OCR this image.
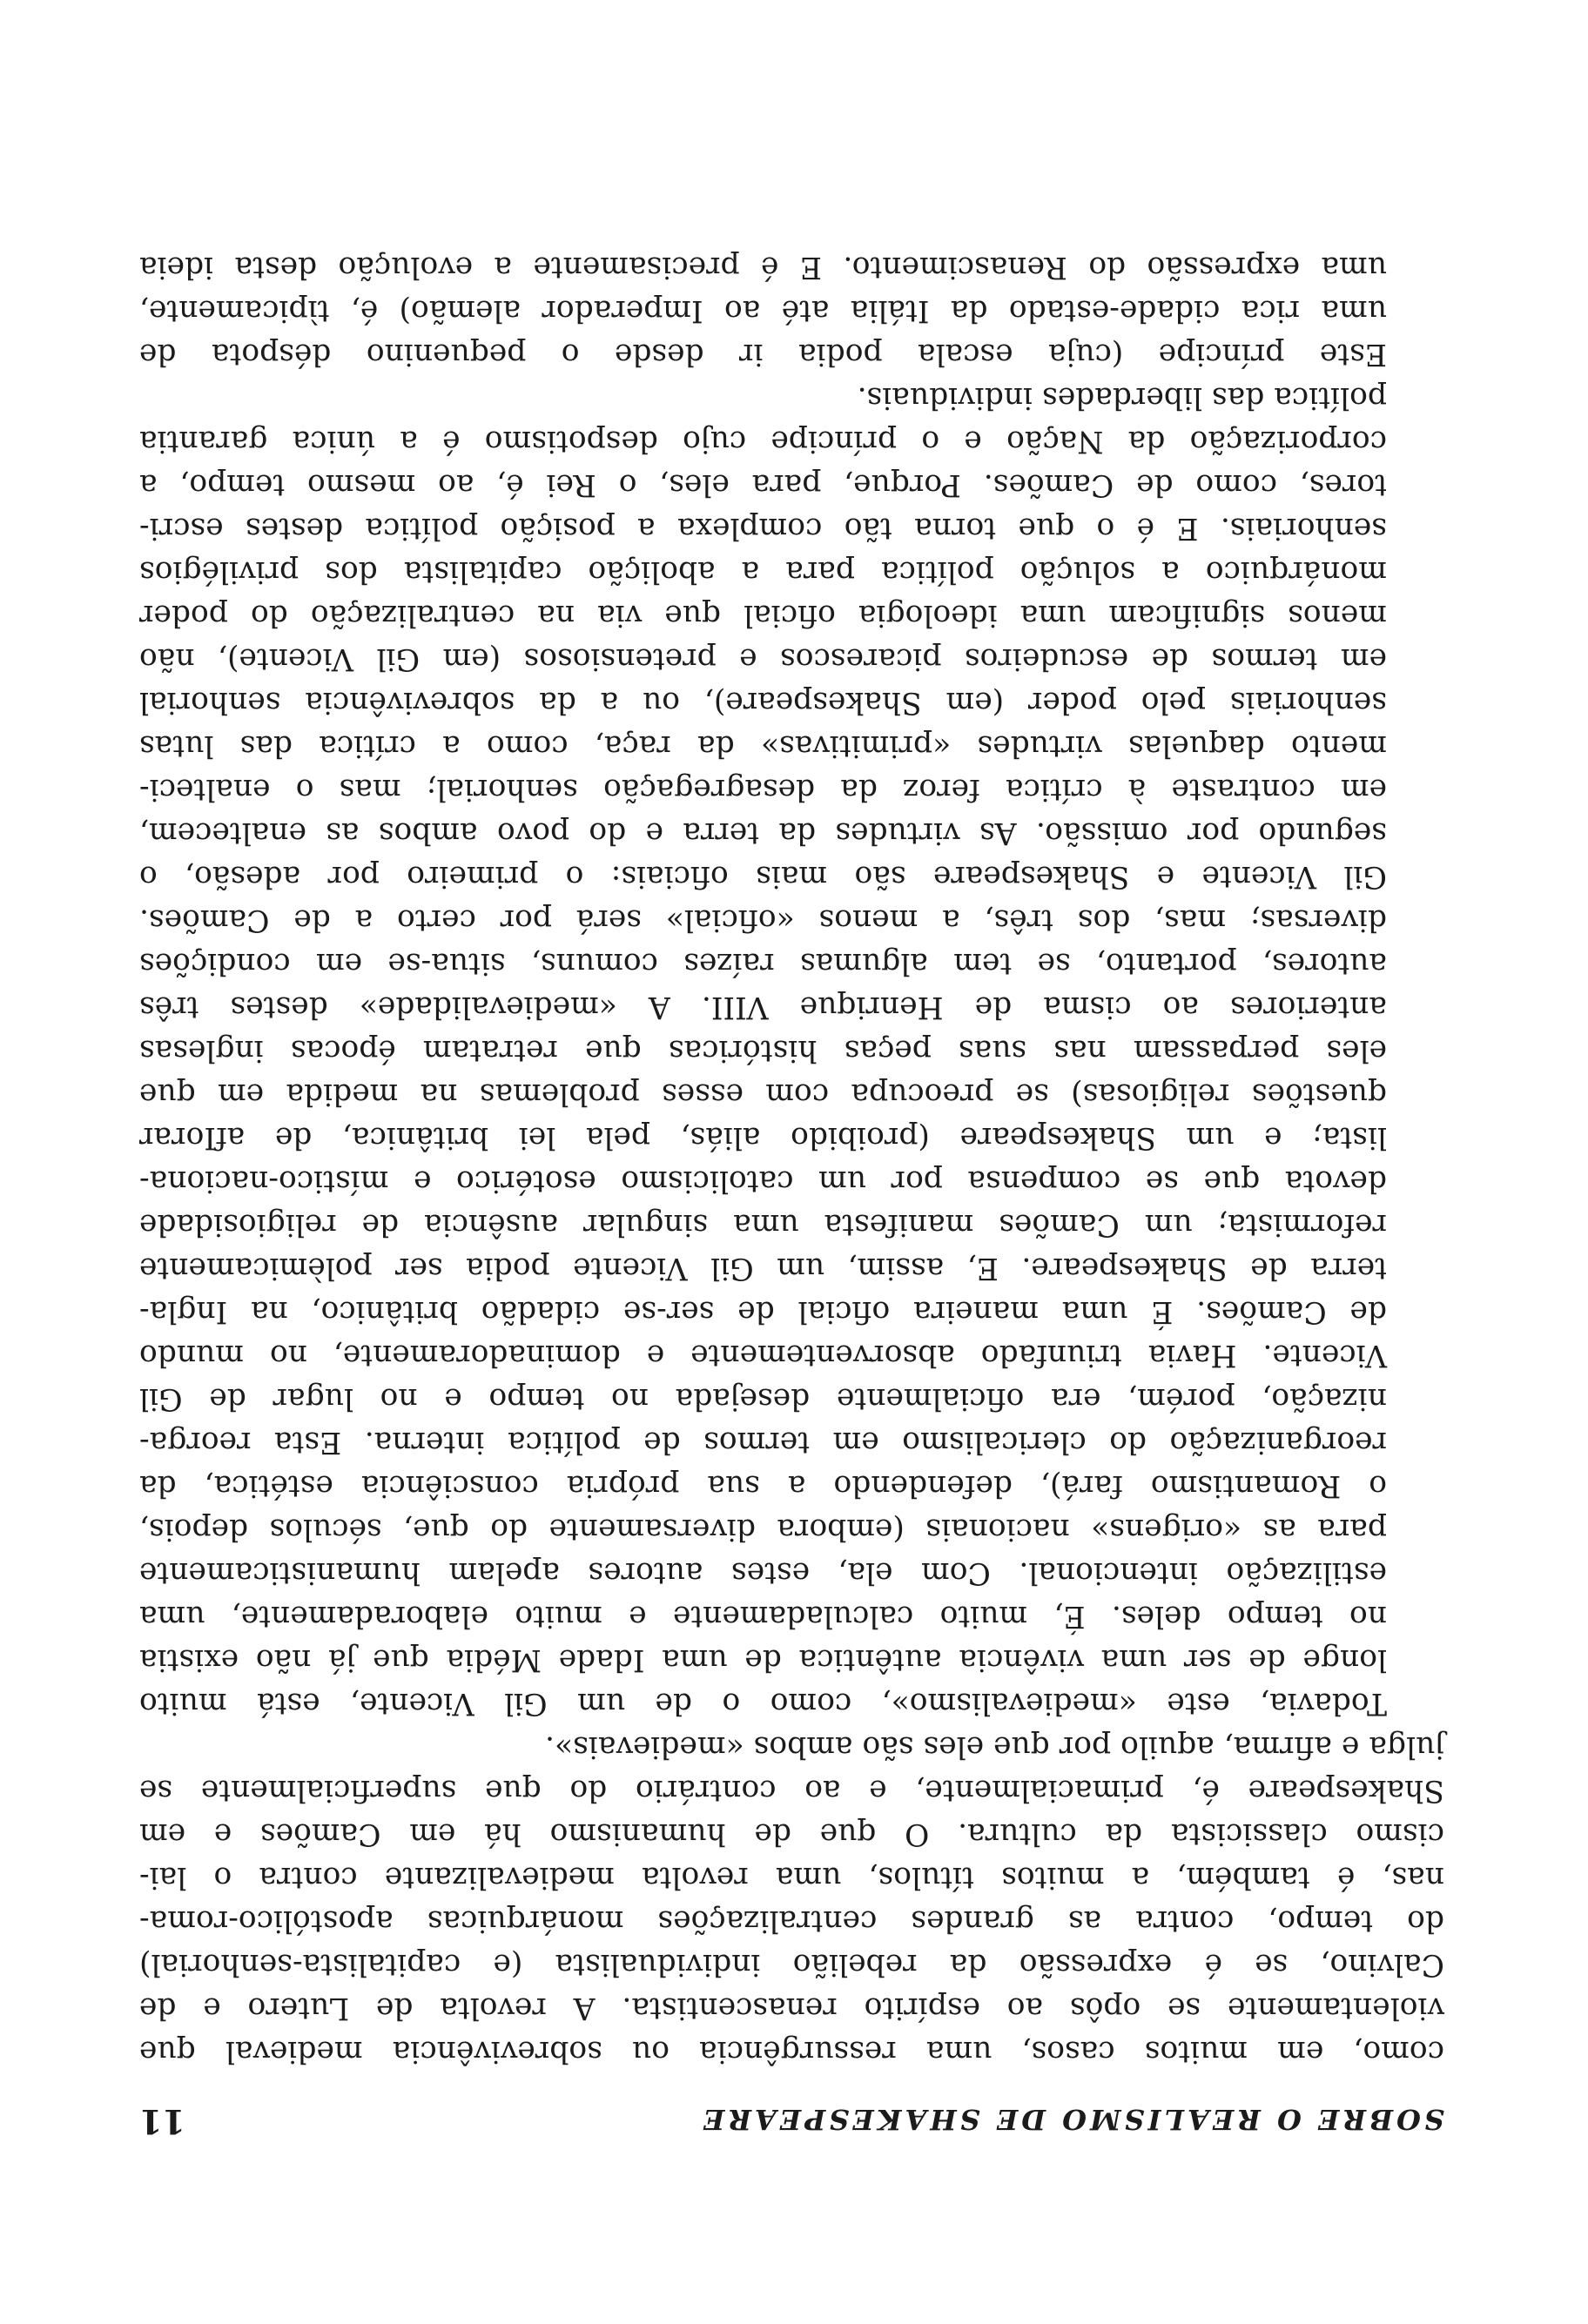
SOBRE O REALISMO DE SHAKESPEARE
11

como, em muitos casos, uma ressurgência ou sobrevivência medieval que
violentamente se opôs ao espírito renascentista. A revolta de Lutero e de
Calvino, se é expressão da rebelião individualista (e capitalista-senhorial)
do tempo, contra as grandes centralizações monárquicas apostólico-roma-
nas, é também, a muitos títulos, uma revolta medievalizante contra o lai-
cismo classicista da cultura. O que de humanismo há em Camões e em
Shakespeare é, primacialmente, e ao contrário do que superficialmente se
julga e afirma, aquilo por que eles são ambos «medievais».

Todavia, este «medievalismo», como o de um Gil Vicente, está muito
longe de ser uma vivência autêntica de uma Idade Média que já não existia
no tempo deles. É, muito calculadamente e muito elaboradamente, uma
estilização intencional. Com ela, estes autores apelam humanisticamente
para as «origens» nacionais (embora diversamente do que, séculos depois,
o Romantismo fará), defendendo a sua própria consciência estética, da
reorganização do clericalismo em termos de política interna. Esta reorga-
nização, porém, era oficialmente desejada no tempo e no lugar de Gil
Vicente. Havia triunfado absorventemente e dominadoramente, no mundo
de Camões. É uma maneira oficial de ser-se cidadão britânico, na Ingla-
terra de Shakespeare. E, assim, um Gil Vicente podia ser polèmicamente
reformista; um Camões manifesta uma singular ausência de religiosidade
devota que se compensa por um catolicismo esotérico e místico-naciona-
lista; e um Shakespeare (proibido aliás, pela lei britânica, de afIorar
questões religiosas) se preocupa com esses problemas na medida em que
eles perpassam nas suas peças históricas que retratam épocas inglesas
anteriores ao cisma de Henrique VIII. A «medievalidade» destes três
autores, portanto, se tem algumas raízes comuns, situa-se em condições
diversas; mas, dos três, a menos «oficial» será por certo a de Camões.
Gil Vicente e Shakespeare são mais oficiais: o primeiro por adesão, o
segundo por omissão. As virtudes da terra e do povo ambos as enaltecem,
em contraste à crítica feroz da desagregação senhorial; mas o enalteci-
mento daquelas virtudes «primitivas» da raça, como a crítica das lutas
senhoriais pelo poder (em Shakespeare), ou a da sobrevivência senhorial
em termos de escudeiros picarescos e pretensiosos (em Gil Vicente), não
menos significam uma ideologia oficial que via na centralização do poder
monárquico a solução política para a abolição capitalista dos privilégios
senhoriais. E é o que torna tão complexa a posição política destes escri-
tores, como de Camões. Porque, para eles, o Rei é, ao mesmo tempo, a
corporização da Nação e o príncipe cujo despotismo é a única garantia
política das liberdades individuais.

Este príncipe (cuja escala podia ir desde o pequenino déspota de
uma rica cidade-estado da Itália até ao Imperador alemão) é, tìpicamente,
uma expressão do Renascimento. E é precisamente a evolução desta ideia
